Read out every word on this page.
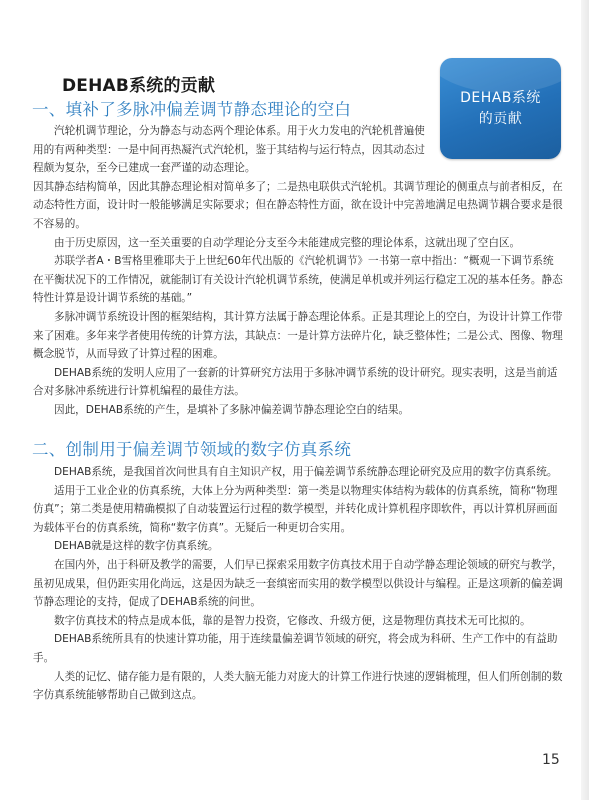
DEHAB系统的贡献
DEHAB系统
的贡献
一、填补了多脉冲偏差调节静态理论的空白

汽轮机调节理论，分为静态与动态两个理论体系。用于火力发电的汽轮机普遍使用的有两种类型：一是中间再热凝汽式汽轮机，鉴于其结构与运行特点，因其动态过程颇为复杂，至今已建成一套严谨的动态理论。

因其静态结构简单，因此其静态理论相对简单多了；二是热电联供式汽轮机。其调节理论的侧重点与前者相反，在动态特性方面，设计时一般能够满足实际要求；但在静态特性方面，欲在设计中完善地满足电热调节耦合要求是很不容易的。

由于历史原因，这一至关重要的自动学理论分支至今未能建成完整的理论体系，这就出现了空白区。

苏联学者A・B雪格里雅耶夫于上世纪60年代出版的《汽轮机调节》一书第一章中指出：“概观一下调节系统在平衡状况下的工作情况，就能制订有关设计汽轮机调节系统，使满足单机或并列运行稳定工况的基本任务。静态特性计算是设计调节系统的基础。”

多脉冲调节系统设计图的框架结构，其计算方法属于静态理论体系。正是其理论上的空白，为设计计算工作带来了困难。多年来学者使用传统的计算方法，其缺点：一是计算方法碎片化，缺乏整体性；二是公式、图像、物理概念脱节，从而导致了计算过程的困难。

DEHAB系统的发明人应用了一套新的计算研究方法用于多脉冲调节系统的设计研究。现实表明，这是当前适合对多脉冲系统进行计算机编程的最佳方法。

因此，DEHAB系统的产生，是填补了多脉冲偏差调节静态理论空白的结果。

二、创制用于偏差调节领域的数字仿真系统

DEHAB系统，是我国首次问世具有自主知识产权，用于偏差调节系统静态理论研究及应用的数字仿真系统。

适用于工业企业的仿真系统，大体上分为两种类型：第一类是以物理实体结构为载体的仿真系统，简称“物理仿真”；第二类是使用精确模拟了自动装置运行过程的数学模型，并转化成计算机程序即软件，再以计算机屏画面为载体平台的仿真系统，简称“数字仿真”。无疑后一种更切合实用。

DEHAB就是这样的数字仿真系统。

在国内外，出于科研及教学的需要，人们早已探索采用数字仿真技术用于自动学静态理论领域的研究与教学，虽初见成果，但仍距实用化尚远，这是因为缺乏一套缜密而实用的数学模型以供设计与编程。正是这项新的偏差调节静态理论的支持，促成了DEHAB系统的问世。

数字仿真技术的特点是成本低，靠的是智力投资，它修改、升级方便，这是物理仿真技术无可比拟的。

DEHAB系统所具有的快速计算功能，用于连续量偏差调节领域的研究，将会成为科研、生产工作中的有益助手。

人类的记忆、储存能力是有限的，人类大脑无能力对庞大的计算工作进行快速的逻辑梳理，但人们所创制的数字仿真系统能够帮助自己做到这点。

15
